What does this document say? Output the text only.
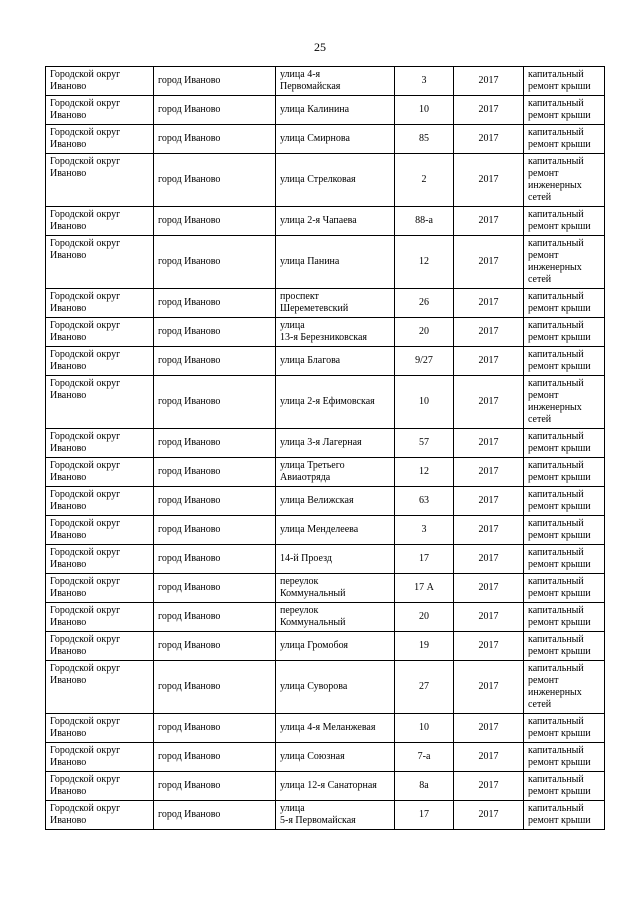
25
Городской округ
Иваново	город Иваново	улица 4-я
Первомайская	3	2017	капитальный
ремонт крыши
Городской округ
Иваново	город Иваново	улица Калинина	10	2017	капитальный
ремонт крыши
Городской округ
Иваново	город Иваново	улица Смирнова	85	2017	капитальный
ремонт крыши
Городской округ
Иваново	город Иваново	улица Стрелковая	2	2017	капитальный
ремонт
инженерных
сетей
Городской округ
Иваново	город Иваново	улица 2-я Чапаева	88-а	2017	капитальный
ремонт крыши
Городской округ
Иваново	город Иваново	улица Панина	12	2017	капитальный
ремонт
инженерных
сетей
Городской округ
Иваново	город Иваново	проспект
Шереметевский	26	2017	капитальный
ремонт крыши
Городской округ
Иваново	город Иваново	улица
13-я Березниковская	20	2017	капитальный
ремонт крыши
Городской округ
Иваново	город Иваново	улица Благова	9/27	2017	капитальный
ремонт крыши
Городской округ
Иваново	город Иваново	улица 2-я Ефимовская	10	2017	капитальный
ремонт
инженерных
сетей
Городской округ
Иваново	город Иваново	улица 3-я Лагерная	57	2017	капитальный
ремонт крыши
Городской округ
Иваново	город Иваново	улица Третьего
Авиаотряда	12	2017	капитальный
ремонт крыши
Городской округ
Иваново	город Иваново	улица Велижская	63	2017	капитальный
ремонт крыши
Городской округ
Иваново	город Иваново	улица Менделеева	3	2017	капитальный
ремонт крыши
Городской округ
Иваново	город Иваново	14-й Проезд	17	2017	капитальный
ремонт крыши
Городской округ
Иваново	город Иваново	переулок
Коммунальный	17 А	2017	капитальный
ремонт крыши
Городской округ
Иваново	город Иваново	переулок
Коммунальный	20	2017	капитальный
ремонт крыши
Городской округ
Иваново	город Иваново	улица Громобоя	19	2017	капитальный
ремонт крыши
Городской округ
Иваново	город Иваново	улица Суворова	27	2017	капитальный
ремонт
инженерных
сетей
Городской округ
Иваново	город Иваново	улица 4-я Меланжевая	10	2017	капитальный
ремонт крыши
Городской округ
Иваново	город Иваново	улица Союзная	7-а	2017	капитальный
ремонт крыши
Городской округ
Иваново	город Иваново	улица 12-я Санаторная	8а	2017	капитальный
ремонт крыши
Городской округ
Иваново	город Иваново	улица
5-я Первомайская	17	2017	капитальный
ремонт крыши
